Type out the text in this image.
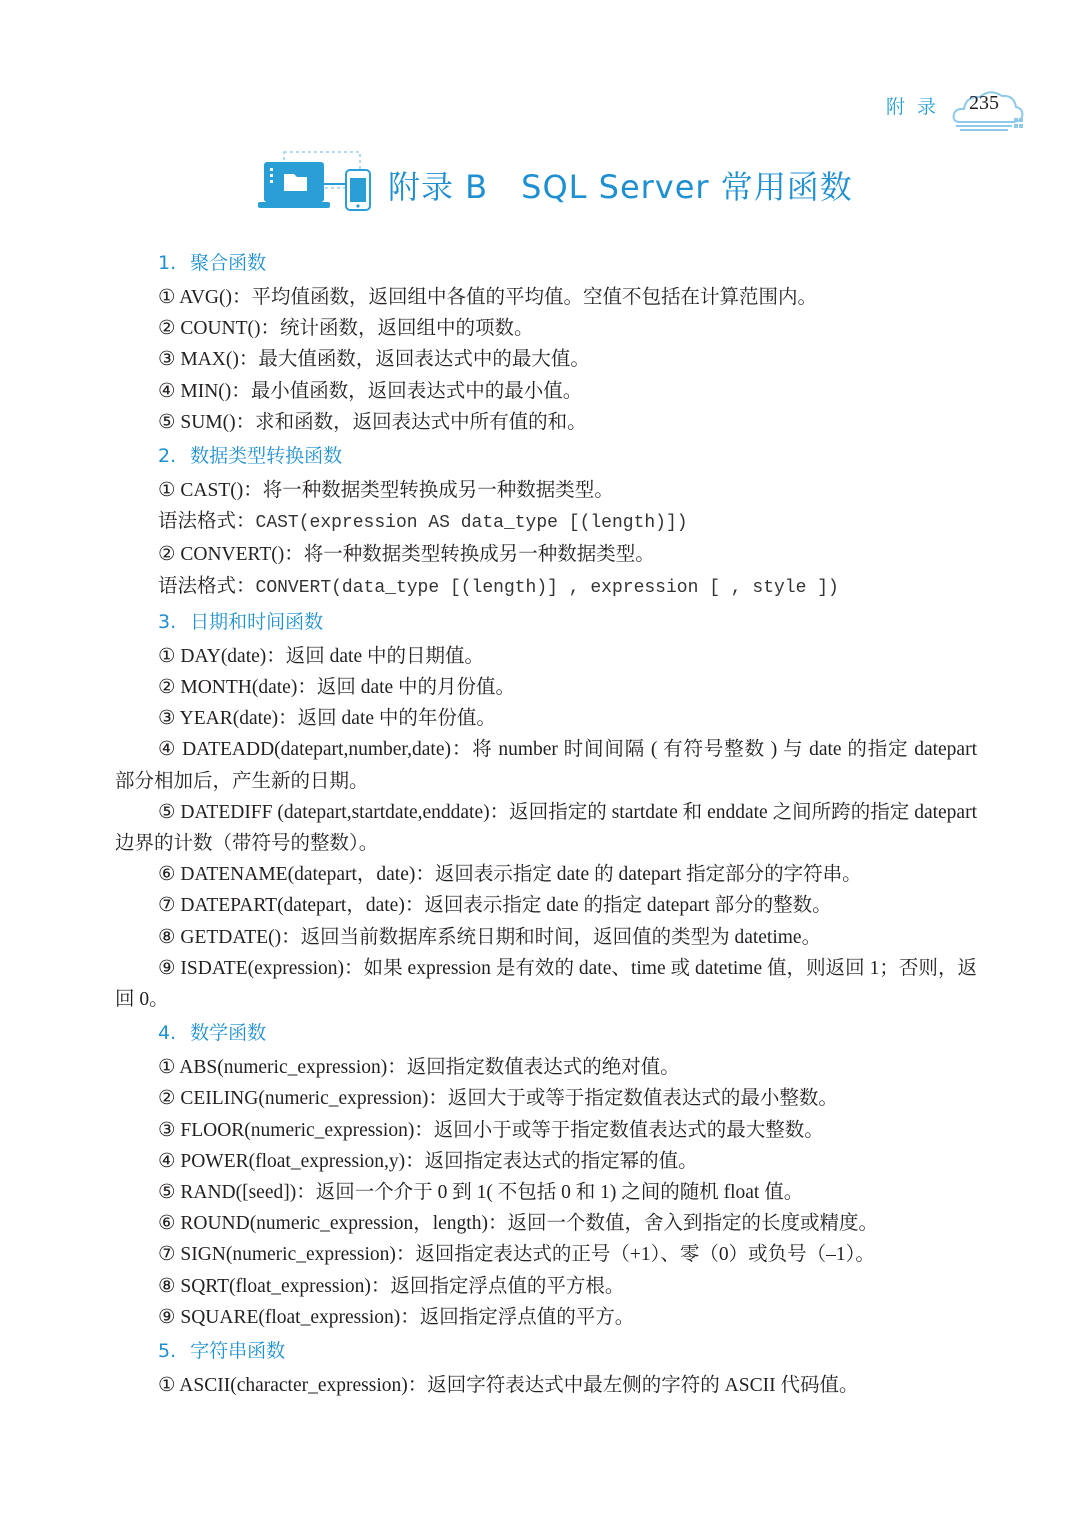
附录 235
附录 B　SQL Server 常用函数
1. 聚合函数
① AVG()：平均值函数，返回组中各值的平均值。空值不包括在计算范围内。
② COUNT()：统计函数，返回组中的项数。
③ MAX()：最大值函数，返回表达式中的最大值。
④ MIN()：最小值函数，返回表达式中的最小值。
⑤ SUM()：求和函数，返回表达式中所有值的和。
2. 数据类型转换函数
① CAST()：将一种数据类型转换成另一种数据类型。
语法格式：CAST(expression AS data_type [(length)])
② CONVERT()：将一种数据类型转换成另一种数据类型。
语法格式：CONVERT(data_type [(length)] , expression [ , style ])
3. 日期和时间函数
① DAY(date)：返回 date 中的日期值。
② MONTH(date)：返回 date 中的月份值。
③ YEAR(date)：返回 date 中的年份值。
④ DATEADD(datepart,number,date)：将 number 时间间隔 ( 有符号整数 ) 与 date 的指定 datepart 部分相加后，产生新的日期。
⑤ DATEDIFF (datepart,startdate,enddate)：返回指定的 startdate 和 enddate 之间所跨的指定 datepart 边界的计数（带符号的整数）。
⑥ DATENAME(datepart，date)：返回表示指定 date 的 datepart 指定部分的字符串。
⑦ DATEPART(datepart，date)：返回表示指定 date 的指定 datepart 部分的整数。
⑧ GETDATE()：返回当前数据库系统日期和时间，返回值的类型为 datetime。
⑨ ISDATE(expression)：如果 expression 是有效的 date、time 或 datetime 值，则返回 1；否则，返回 0。
4. 数学函数
① ABS(numeric_expression)：返回指定数值表达式的绝对值。
② CEILING(numeric_expression)：返回大于或等于指定数值表达式的最小整数。
③ FLOOR(numeric_expression)：返回小于或等于指定数值表达式的最大整数。
④ POWER(float_expression,y)：返回指定表达式的指定幂的值。
⑤ RAND([seed])：返回一个介于 0 到 1( 不包括 0 和 1) 之间的随机 float 值。
⑥ ROUND(numeric_expression，length)：返回一个数值，舍入到指定的长度或精度。
⑦ SIGN(numeric_expression)：返回指定表达式的正号（+1）、零（0）或负号（–1）。
⑧ SQRT(float_expression)：返回指定浮点值的平方根。
⑨ SQUARE(float_expression)：返回指定浮点值的平方。
5. 字符串函数
① ASCII(character_expression)：返回字符表达式中最左侧的字符的 ASCII 代码值。
